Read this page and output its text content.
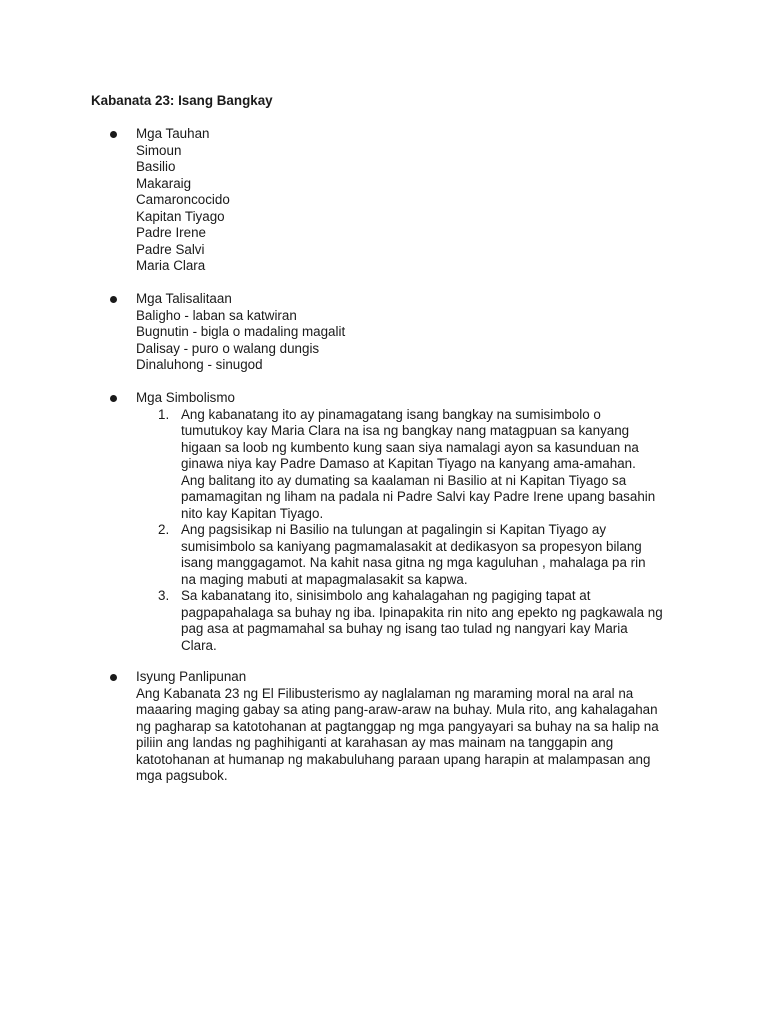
Kabanata 23: Isang Bangkay
Mga Tauhan
Simoun
Basilio
Makaraig
Camaroncocido
Kapitan Tiyago
Padre Irene
Padre Salvi
Maria Clara
Mga Talisalitaan
Baligho - laban sa katwiran
Bugnutin - bigla o madaling magalit
Dalisay - puro o walang dungis
Dinaluhong - sinugod
Mga Simbolismo
1. Ang kabanatang ito ay pinamagatang isang bangkay na sumisimbolo o
tumutukoy kay Maria Clara na isa ng bangkay nang matagpuan sa kanyang
higaan sa loob ng kumbento kung saan siya namalagi ayon sa kasunduan na
ginawa niya kay Padre Damaso at Kapitan Tiyago na kanyang ama-amahan.
Ang balitang ito ay dumating sa kaalaman ni Basilio at ni Kapitan Tiyago sa
pamamagitan ng liham na padala ni Padre Salvi kay Padre Irene upang basahin
nito kay Kapitan Tiyago.
2. Ang pagsisikap ni Basilio na tulungan at pagalingin si Kapitan Tiyago ay
sumisimbolo sa kaniyang pagmamalasakit at dedikasyon sa propesyon bilang
isang manggagamot. Na kahit nasa gitna ng mga kaguluhan , mahalaga pa rin
na maging mabuti at mapagmalasakit sa kapwa.
3. Sa kabanatang ito, sinisimbolo ang kahalagahan ng pagiging tapat at
pagpapahalaga sa buhay ng iba. Ipinapakita rin nito ang epekto ng pagkawala ng
pag asa at pagmamahal sa buhay ng isang tao tulad ng nangyari kay Maria
Clara.
Isyung Panlipunan
Ang Kabanata 23 ng El Filibusterismo ay naglalaman ng maraming moral na aral na
maaaring maging gabay sa ating pang-araw-araw na buhay. Mula rito, ang kahalagahan
ng pagharap sa katotohanan at pagtanggap ng mga pangyayari sa buhay na sa halip na
piliin ang landas ng paghihiganti at karahasan ay mas mainam na tanggapin ang
katotohanan at humanap ng makabuluhang paraan upang harapin at malampasan ang
mga pagsubok.
